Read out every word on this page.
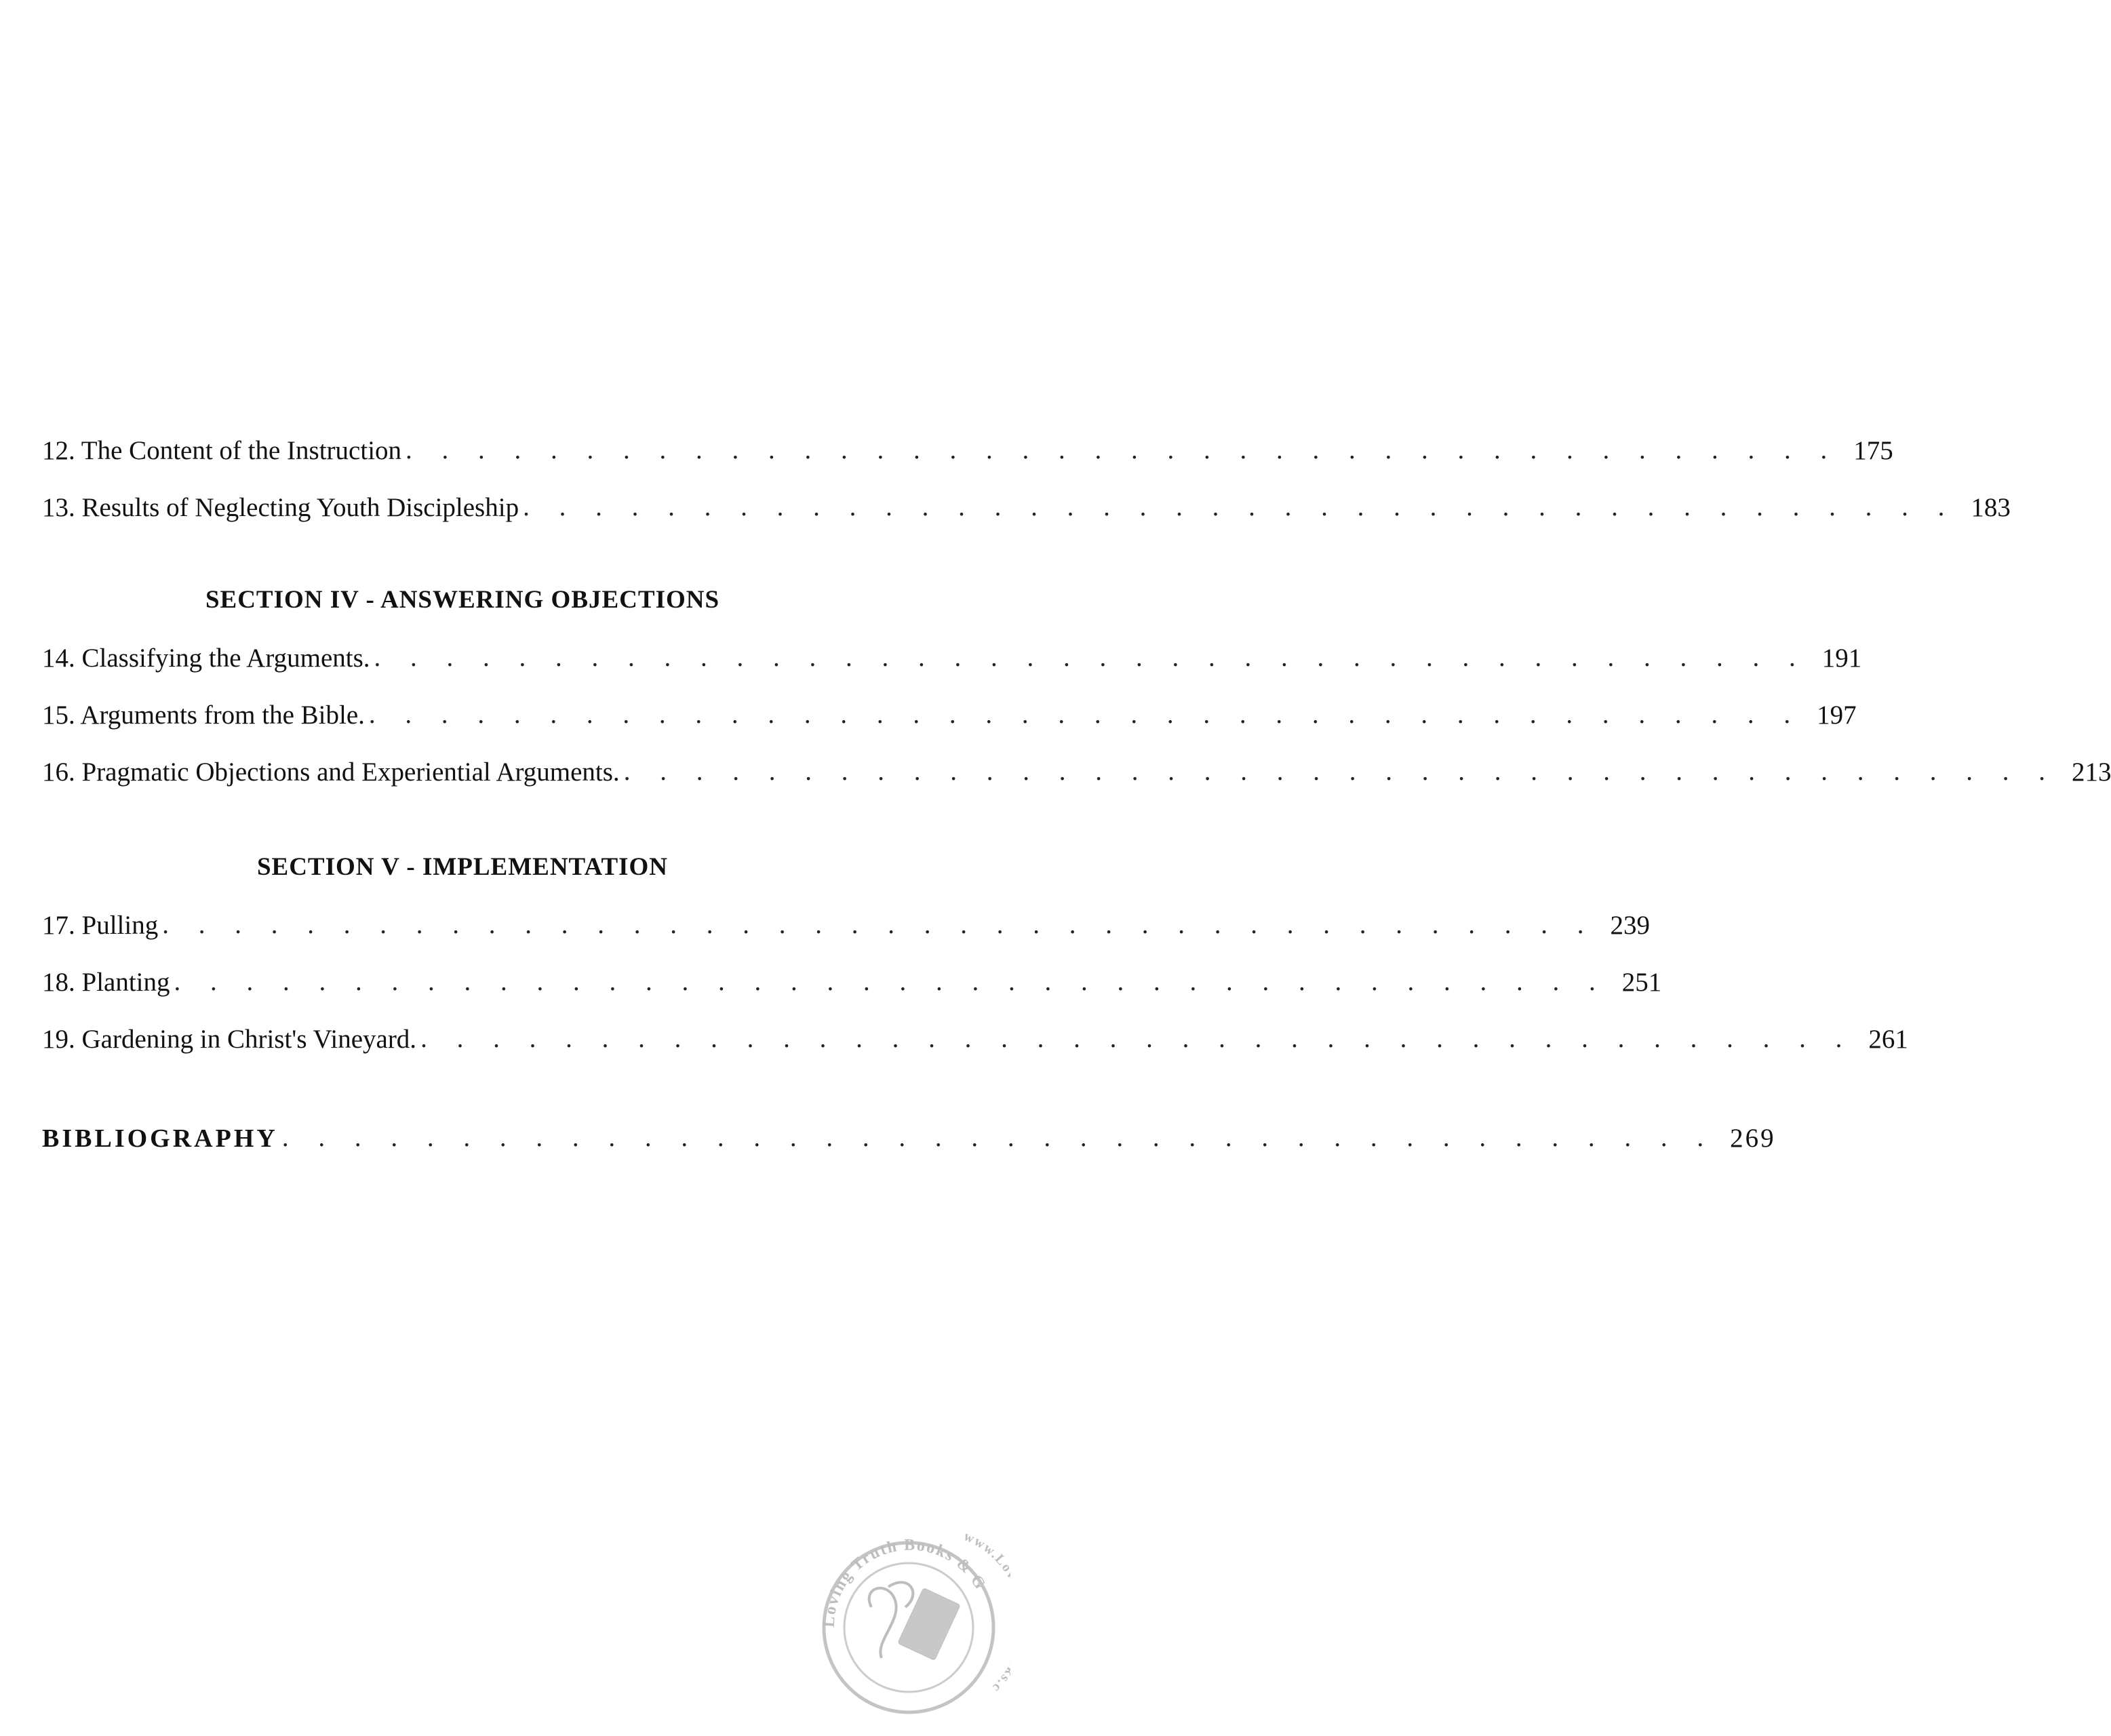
12. The Content of the Instruction . . . . . . . . . . . . . . . . . . . . . . . . . . . . . . . . . . . . . . . . 175
13. Results of Neglecting Youth Discipleship . . . . . . . . . . . . . . . . . . . . . . . . . . . . . . . . . . . . . . . . 183
SECTION IV - ANSWERING OBJECTIONS
14. Classifying the Arguments. . . . . . . . . . . . . . . . . . . . . . . . . . . . . . . . . . . . . . . . . 191
15. Arguments from the Bible. . . . . . . . . . . . . . . . . . . . . . . . . . . . . . . . . . . . . . . . . 197
16. Pragmatic Objections and Experiential Arguments. . . . . . . . . . . . . . . . . . . . . . . . . . . . . . . . . . . . . . . . . 213
SECTION V - IMPLEMENTATION
17. Pulling . . . . . . . . . . . . . . . . . . . . . . . . . . . . . . . . . . . . . . . . 239
18. Planting . . . . . . . . . . . . . . . . . . . . . . . . . . . . . . . . . . . . . . . . 251
19. Gardening in Christ's Vineyard. . . . . . . . . . . . . . . . . . . . . . . . . . . . . . . . . . . . . . . . . 261
BIBLIOGRAPHY . . . . . . . . . . . . . . . . . . . . . . . . . . . . . . . . . . . . . . . . 269
Loving Truth Books & G
www.L .c
